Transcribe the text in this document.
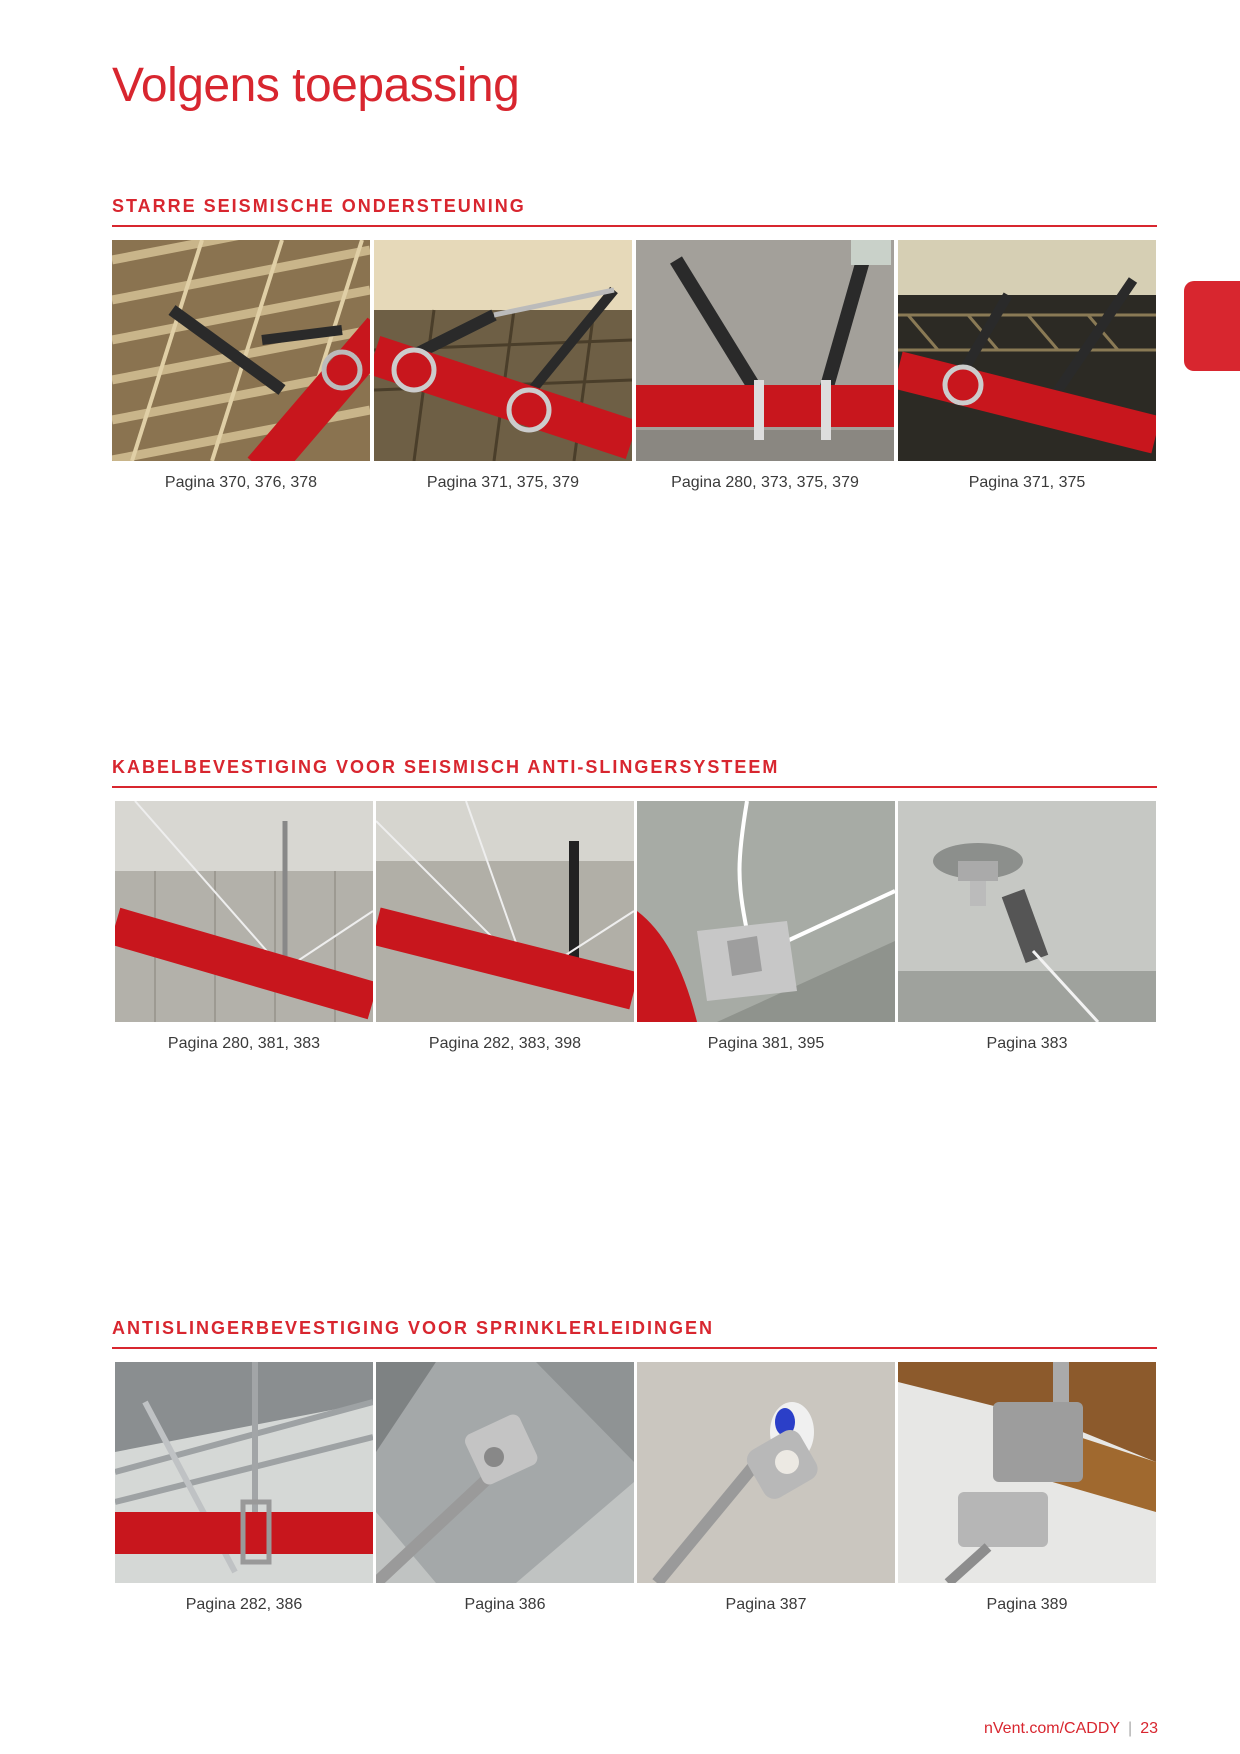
Volgens toepassing
STARRE SEISMISCHE ONDERSTEUNING
Pagina 370, 376, 378	Pagina 371, 375, 379	Pagina 280, 373, 375, 379	Pagina 371, 375
KABELBEVESTIGING VOOR SEISMISCH ANTI-SLINGERSYSTEEM
Pagina 280, 381, 383	Pagina 282, 383, 398	Pagina 381, 395	Pagina 383
ANTISLINGERBEVESTIGING VOOR SPRINKLERLEIDINGEN
Pagina 282, 386	Pagina 386	Pagina 387	Pagina 389
nVent.com/CADDY | 23
